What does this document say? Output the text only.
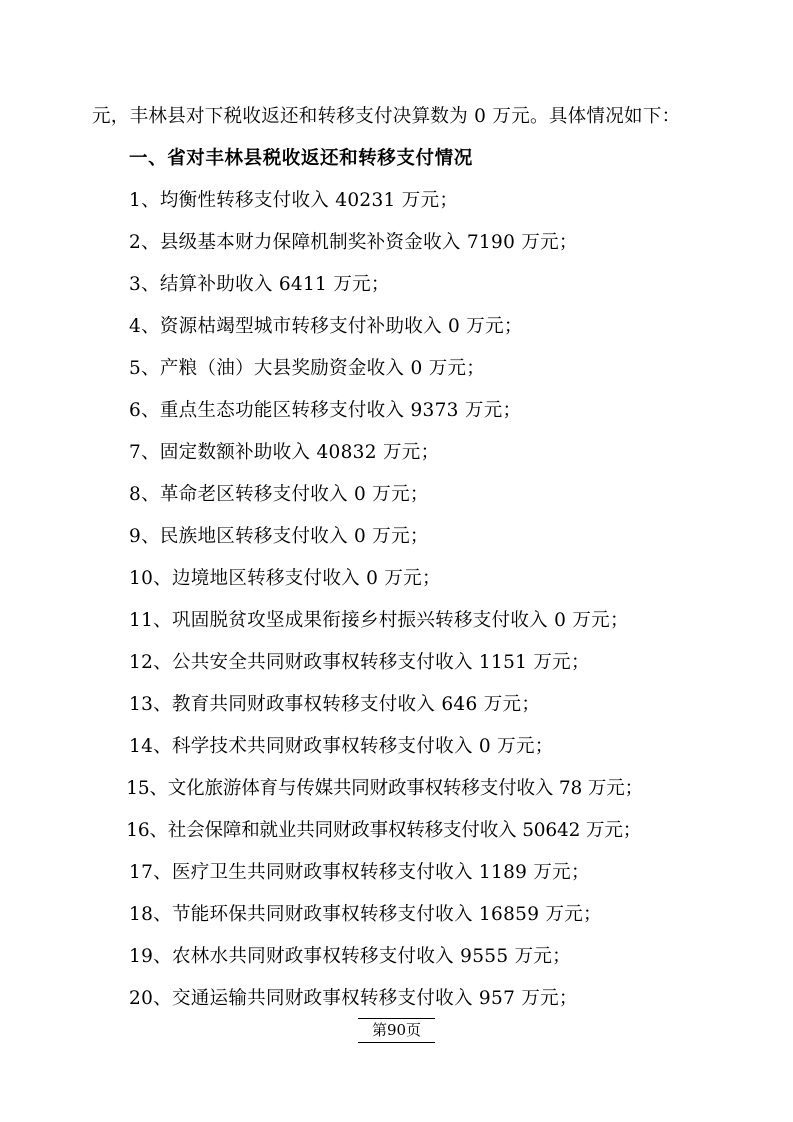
元，丰林县对下税收返还和转移支付决算数为 0 万元。具体情况如下：

一、省对丰林县税收返还和转移支付情况

1、均衡性转移支付收入 40231 万元；

2、县级基本财力保障机制奖补资金收入 7190 万元；

3、结算补助收入 6411 万元；

4、资源枯竭型城市转移支付补助收入 0 万元；

5、产粮（油）大县奖励资金收入 0 万元；

6、重点生态功能区转移支付收入 9373 万元；

7、固定数额补助收入 40832 万元；

8、革命老区转移支付收入 0 万元；

9、民族地区转移支付收入 0 万元；

10、边境地区转移支付收入 0 万元；

11、巩固脱贫攻坚成果衔接乡村振兴转移支付收入 0 万元；

12、公共安全共同财政事权转移支付收入 1151 万元；

13、教育共同财政事权转移支付收入 646 万元；

14、科学技术共同财政事权转移支付收入 0 万元；

15、文化旅游体育与传媒共同财政事权转移支付收入 78 万元；

16、社会保障和就业共同财政事权转移支付收入 50642 万元；

17、医疗卫生共同财政事权转移支付收入 1189 万元；

18、节能环保共同财政事权转移支付收入 16859 万元；

19、农林水共同财政事权转移支付收入 9555 万元；

20、交通运输共同财政事权转移支付收入 957 万元；

第90页
